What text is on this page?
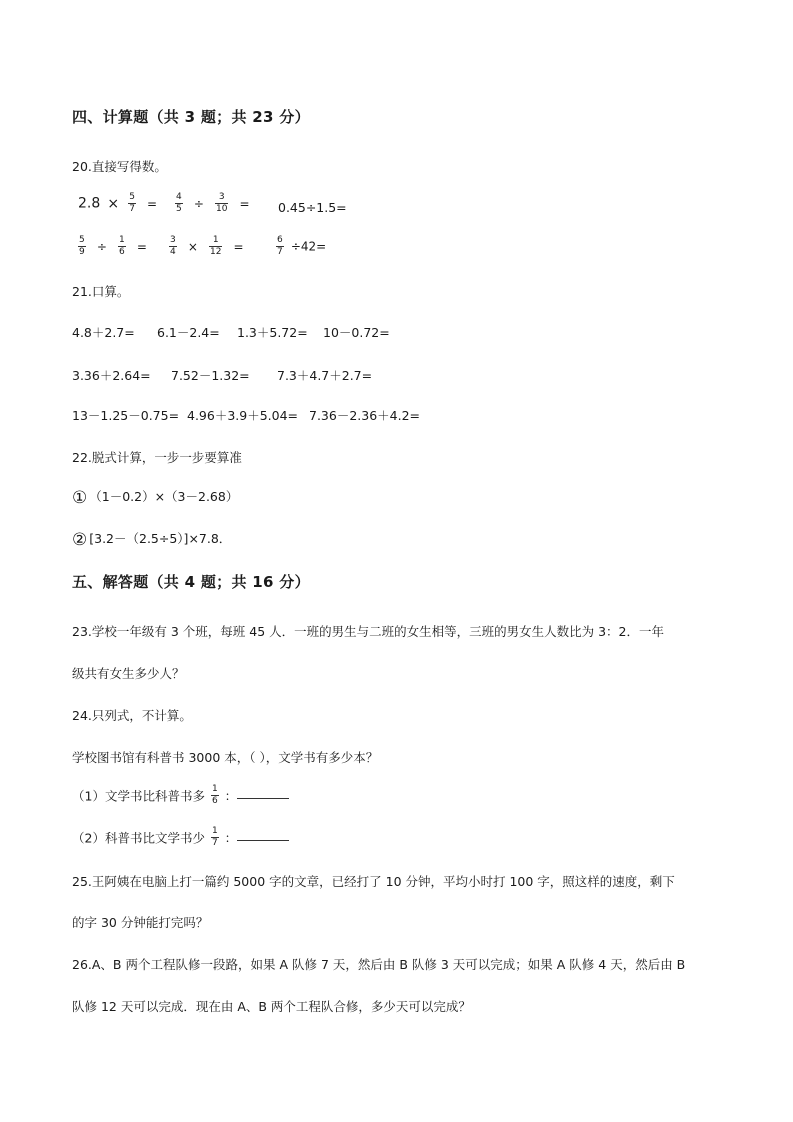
四、计算题（共 3 题；共 23 分）
20.直接写得数。
$2.8 \times \frac{5}{7} = \frac{4}{5} \div \frac{3}{10} = 0.45\div 1.5=$
$\frac{5}{9} \div \frac{1}{6} = \frac{3}{4} \times \frac{1}{12}$ =	$\frac{6}{7} \div 42=$
21.口算。
4.8＋2.7= 6.1－2.4= 1.3＋5.72= 10－0.72=
3.36＋2.64= 7.52－1.32= 7.3＋4.7＋2.7=
13－1.25－0.75= 4.96＋3.9＋5.04= 7.36－2.36＋4.2=
22.脱式计算，一步一步要算准
① （1－0.2）×（3－2.68）
② [3.2－（2.5÷5）]×7.8．
五、解答题（共 4 题；共 16 分）
23.学校一年级有 3 个班，每班 45 人．一班的男生与二班的女生相等，三班的男女生人数比为 3：2．一年
级共有女生多少人？
24.只列式，不计算。
学校图书馆有科普书 3000 本，（ ），文学书有多少本？
（1）文学书比科普书多 $\frac{1}{6}$ ：
（2）科普书比文学书少 $\frac{1}{7}$ ：
25.王阿姨在电脑上打一篇约 5000 字的文章，已经打了 10 分钟，平均小时打 100 字，照这样的速度，剩下
的字 30 分钟能打完吗？
26.A、B 两个工程队修一段路，如果 A 队修 7 天，然后由 B 队修 3 天可以完成；如果 A 队修 4 天，然后由 B
队修 12 天可以完成．现在由 A、B 两个工程队合修，多少天可以完成？
